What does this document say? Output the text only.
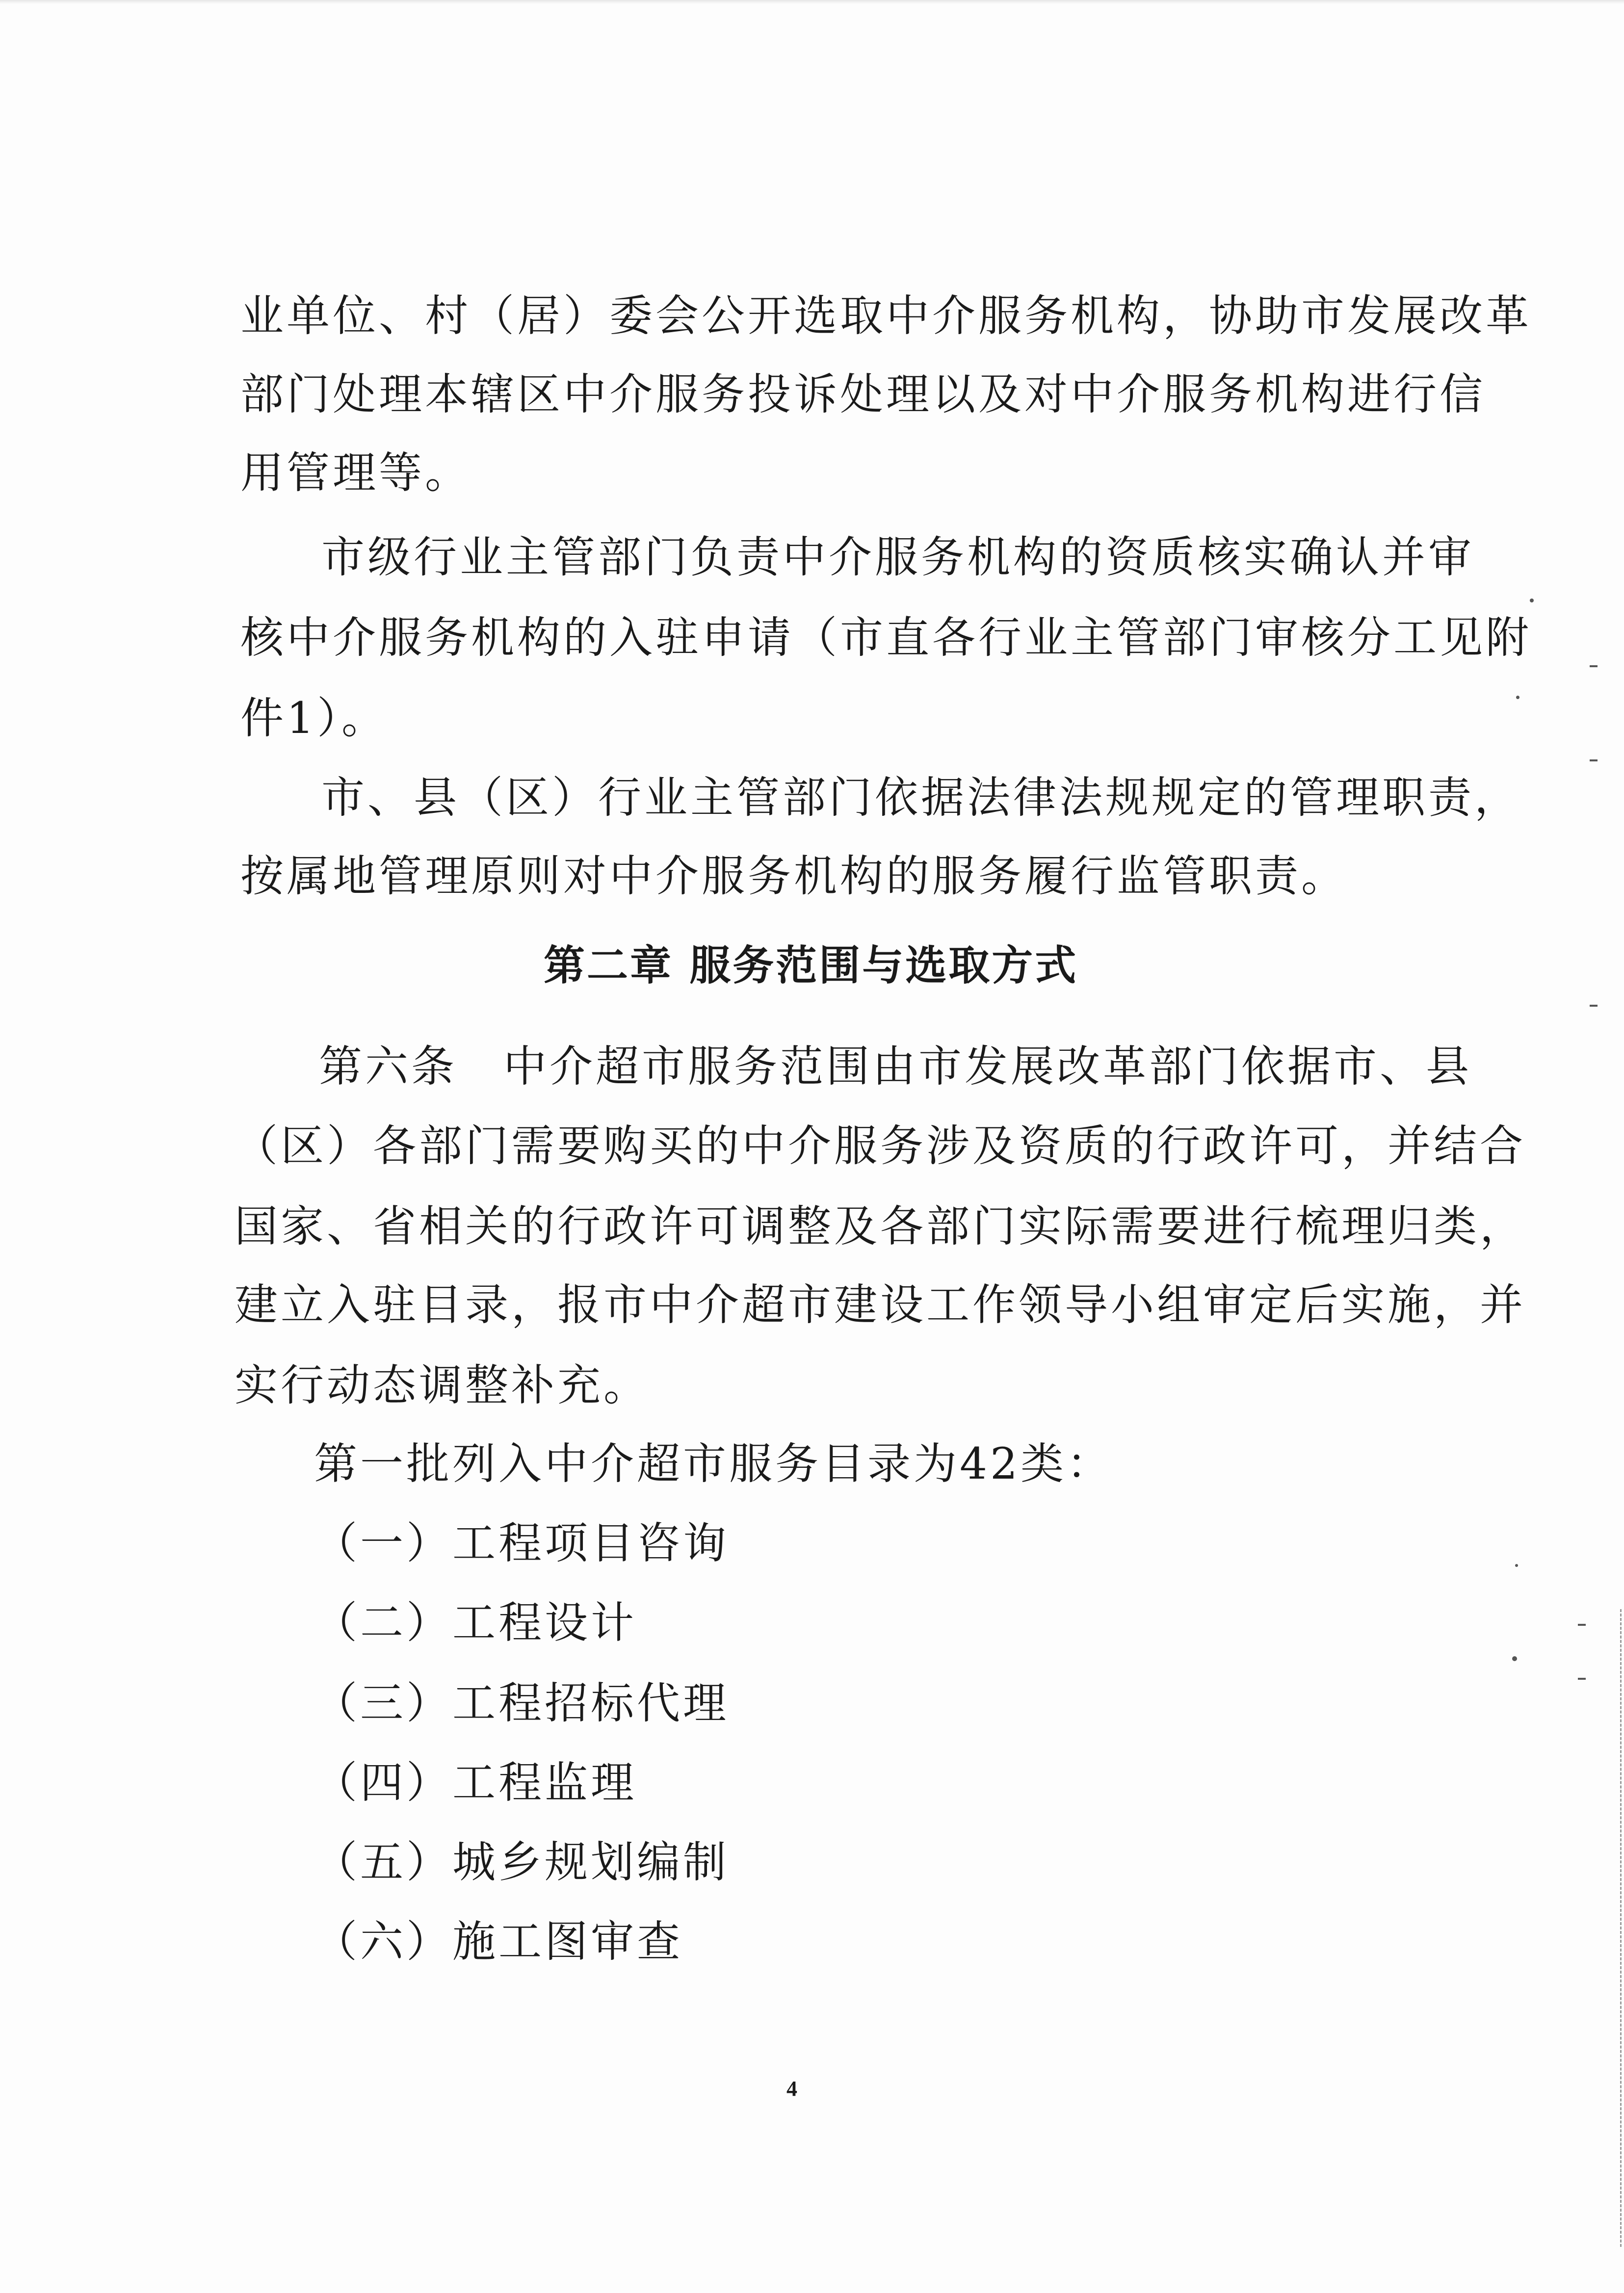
业单位、村（居）委会公开选取中介服务机构，协助市发展改革
部门处理本辖区中介服务投诉处理以及对中介服务机构进行信
用管理等。
市级行业主管部门负责中介服务机构的资质核实确认并审
核中介服务机构的入驻申请（市直各行业主管部门审核分工见附
件1）。
市、县（区）行业主管部门依据法律法规规定的管理职责，
按属地管理原则对中介服务机构的服务履行监管职责。
第二章 服务范围与选取方式
第六条　中介超市服务范围由市发展改革部门依据市、县
（区）各部门需要购买的中介服务涉及资质的行政许可，并结合
国家、省相关的行政许可调整及各部门实际需要进行梳理归类，
建立入驻目录，报市中介超市建设工作领导小组审定后实施，并
实行动态调整补充。
第一批列入中介超市服务目录为42类：
（一）工程项目咨询
（二）工程设计
（三）工程招标代理
（四）工程监理
（五）城乡规划编制
（六）施工图审查
4
